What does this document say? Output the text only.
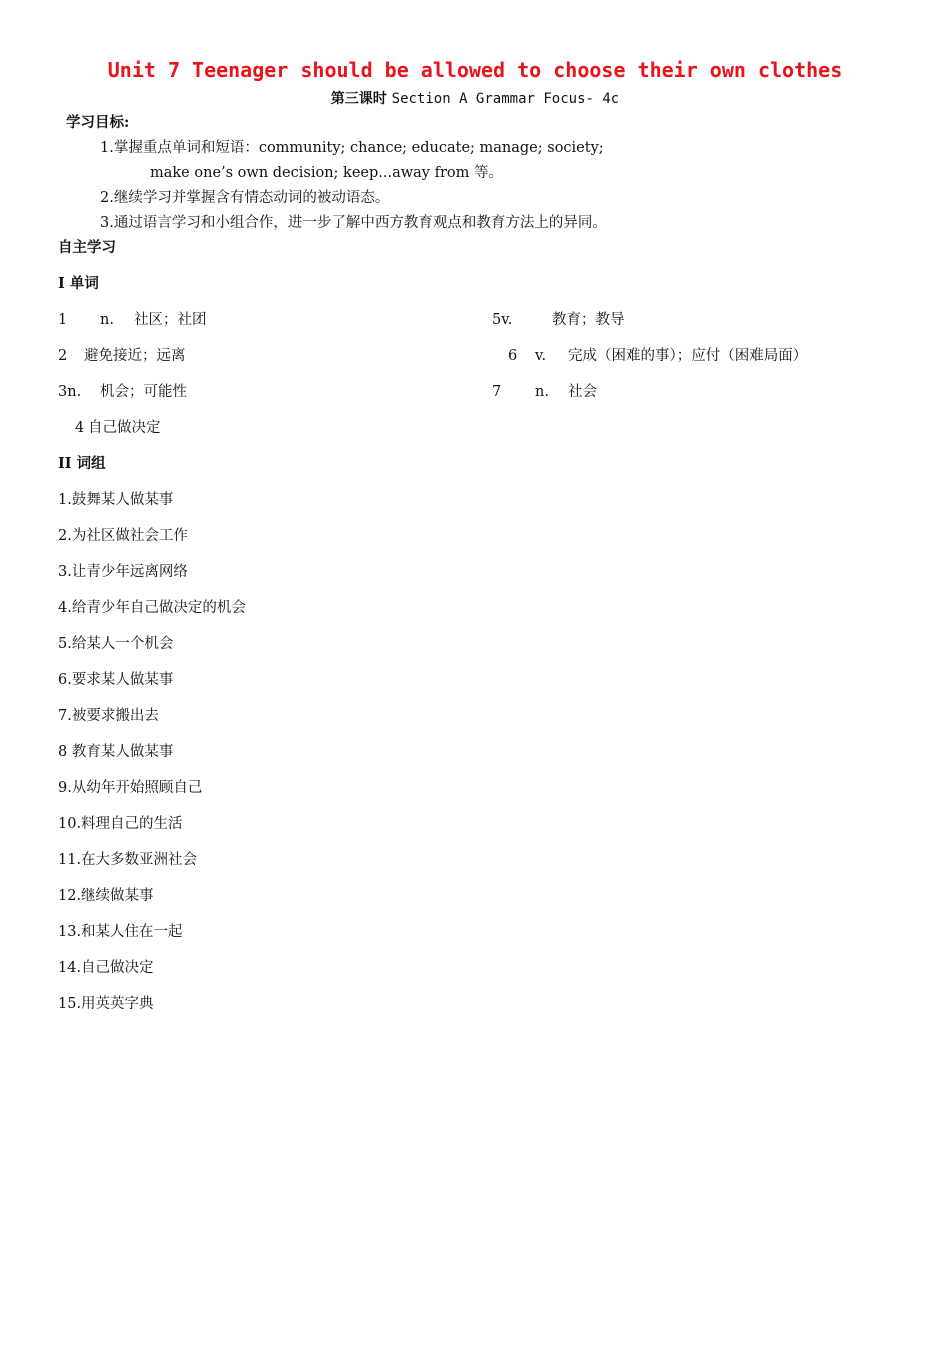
Unit 7 Teenager should be allowed to choose their own clothes
第三课时 Section A Grammar Focus- 4c
学习目标:
1.掌握重点单词和短语：community; chance; educate; manage; society;
make one’s own decision; keep...away from 等。
2.继续学习并掌握含有情态动词的被动语态。
3.通过语言学习和小组合作，进一步了解中西方教育观点和教育方法上的异同。
自主学习
I 单词
1 n. 社区；社团	5v.	教育；教导
2 避免接近；远离	6 v. 完成（困难的事）；应付（困难局面）
3n. 机会；可能性	7 n. 社会
4 自己做决定
II 词组
1.鼓舞某人做某事
2.为社区做社会工作
3.让青少年远离网络
4.给青少年自己做决定的机会
5.给某人一个机会
6.要求某人做某事
7.被要求搬出去
8 教育某人做某事
9.从幼年开始照顾自己
10.料理自己的生活
11.在大多数亚洲社会
12.继续做某事
13.和某人住在一起
14.自己做决定
15.用英英字典
